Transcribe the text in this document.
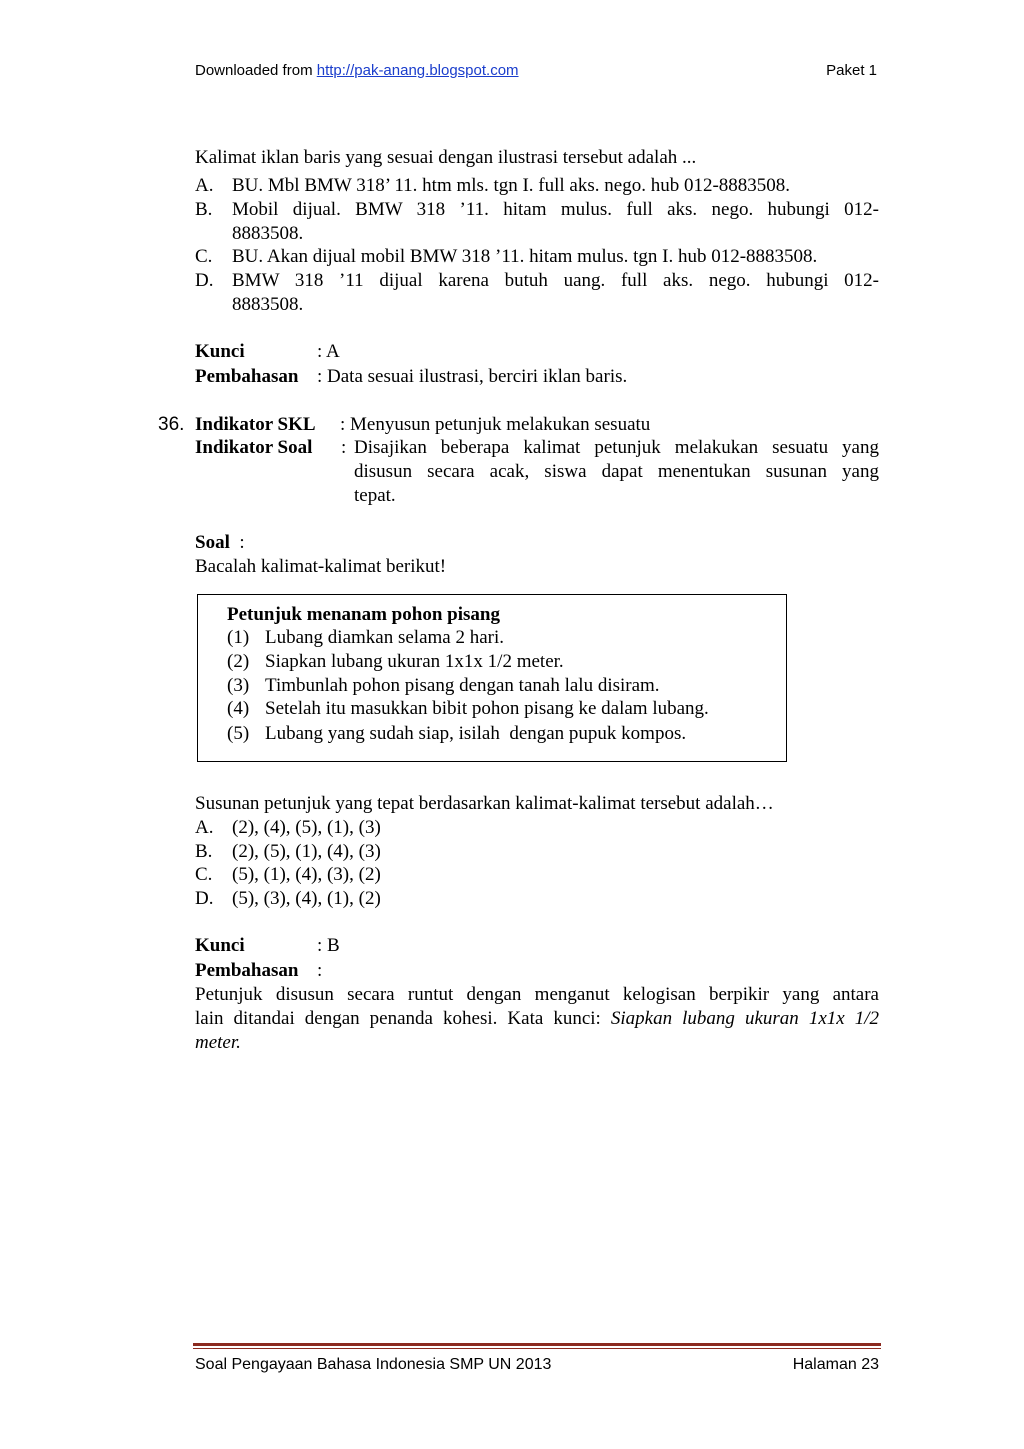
Downloaded from http://pak-anang.blogspot.com	Paket 1
Kalimat iklan baris yang sesuai dengan ilustrasi tersebut adalah ...
A. BU. Mbl BMW 318’ 11. htm mls. tgn I. full aks. nego. hub 012-8883508.
B. Mobil dijual. BMW 318 ’11. hitam mulus. full aks. nego. hubungi 012-
8883508.
C. BU. Akan dijual mobil BMW 318 ’11. hitam mulus. tgn I. hub 012-8883508.
D. BMW 318 ’11 dijual karena butuh uang. full aks. nego. hubungi 012-
8883508.
Kunci	: A
Pembahasan : Data sesuai ilustrasi, berciri iklan baris.
Indikator SKL : Menyusun petunjuk melakukan sesuatu
Indikator Soal : Disajikan beberapa kalimat petunjuk melakukan sesuatu yang
disusun secara acak, siswa dapat menentukan susunan yang
tepat.
Soal :
Bacalah kalimat-kalimat berikut!
Susunan petunjuk yang tepat berdasarkan kalimat-kalimat tersebut adalah…
A. (2), (4), (5), (1), (3)
B. (2), (5), (1), (4), (3)
C. (5), (1), (4), (3), (2)
D. (5), (3), (4), (1), (2)
Kunci	: B
Pembahasan :
Petunjuk disusun secara runtut dengan menganut kelogisan berpikir yang antara
lain ditandai dengan penanda kohesi. Kata kunci: Siapkan lubang ukuran 1x1x 1/2
meter.
36.
Petunjuk menanam pohon pisang
(1) Lubang diamkan selama 2 hari.
(2) Siapkan lubang ukuran 1x1x 1/2 meter.
(3) Timbunlah pohon pisang dengan tanah lalu disiram.
(4) Setelah itu masukkan bibit pohon pisang ke dalam lubang.
(5) Lubang yang sudah siap, isilah  dengan pupuk kompos.
Soal Pengayaan Bahasa Indonesia SMP UN 2013	Halaman 23
